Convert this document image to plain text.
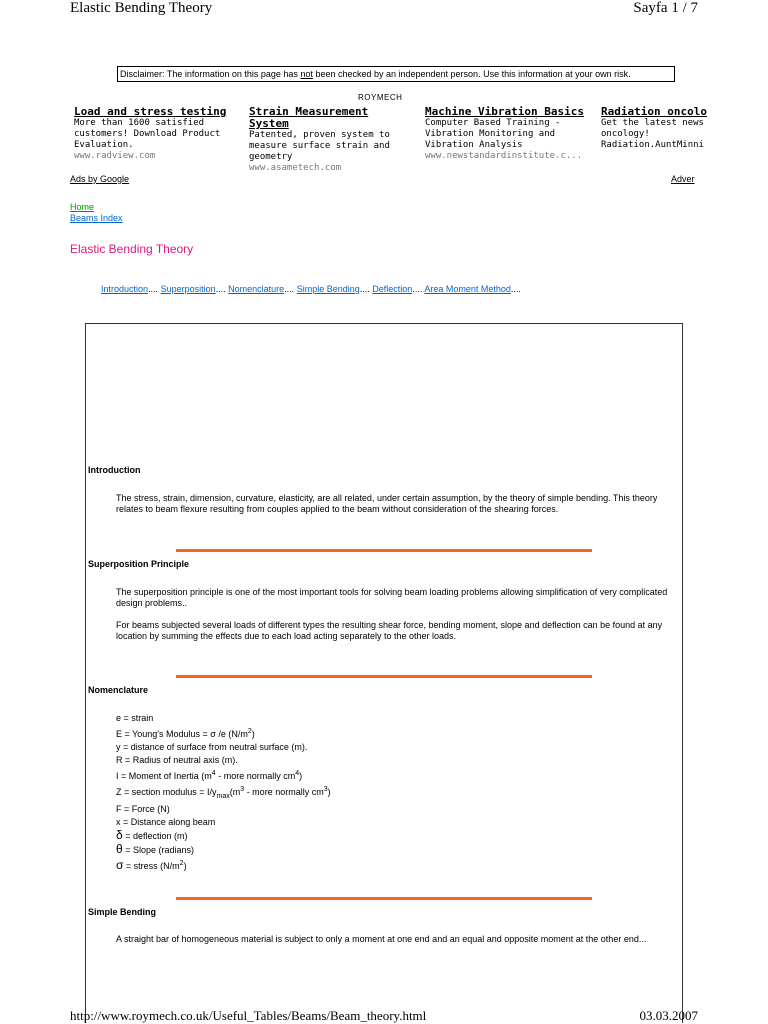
Elastic Bending Theory	Sayfa 1 / 7
Disclaimer: The information on this page has not been checked by an independent person. Use this information at your own risk.
ROYMECH
Load and stress testing
More than 1600 satisfied customers! Download Product Evaluation.
www.radview.com
Strain Measurement System
Patented, proven system to measure surface strain and geometry
www.asametech.com
Machine Vibration Basics
Computer Based Training - Vibration Monitoring and Vibration Analysis
www.newstandardinstitute.c...
Radiation oncolo
Get the latest news oncology! Radiation.AuntMinni
Ads by Google	Adver
Home
Beams Index
Elastic Bending Theory
Introduction.... Superposition.... Nomenclature.... Simple Bending.... Deflection.... Area Moment Method....
Introduction
The stress, strain, dimension, curvature, elasticity, are all related, under certain assumption, by the theory of simple bending. This theory relates to beam flexure resulting from couples applied to the beam without consideration of the shearing forces.
Superposition Principle
The superposition principle is one of the most important tools for solving beam loading problems allowing simplification of very complicated design problems..
For beams subjected several loads of different types the resulting shear force, bending moment, slope and deflection can be found at any location by summing the effects due to each load acting separately to the other loads.
Nomenclature
e = strain
E = Young's Modulus = σ /e $(N/m^2)$
y = distance of surface from neutral surface (m).
R = Radius of neutral axis (m).
I = Moment of Inertia ($m^4$ - more normally $cm^4$)
Z = section modulus = $I/y_{max}(m^3$ - more normally $cm^3$)
F = Force (N)
x = Distance along beam
δ = deflection (m)
θ = Slope (radians)
σ = stress $(N/m^2)$
Simple Bending
A straight bar of homogeneous material is subject to only a moment at one end and an equal and opposite moment at the other end...
http://www.roymech.co.uk/Useful_Tables/Beams/Beam_theory.html	03.03.2007
